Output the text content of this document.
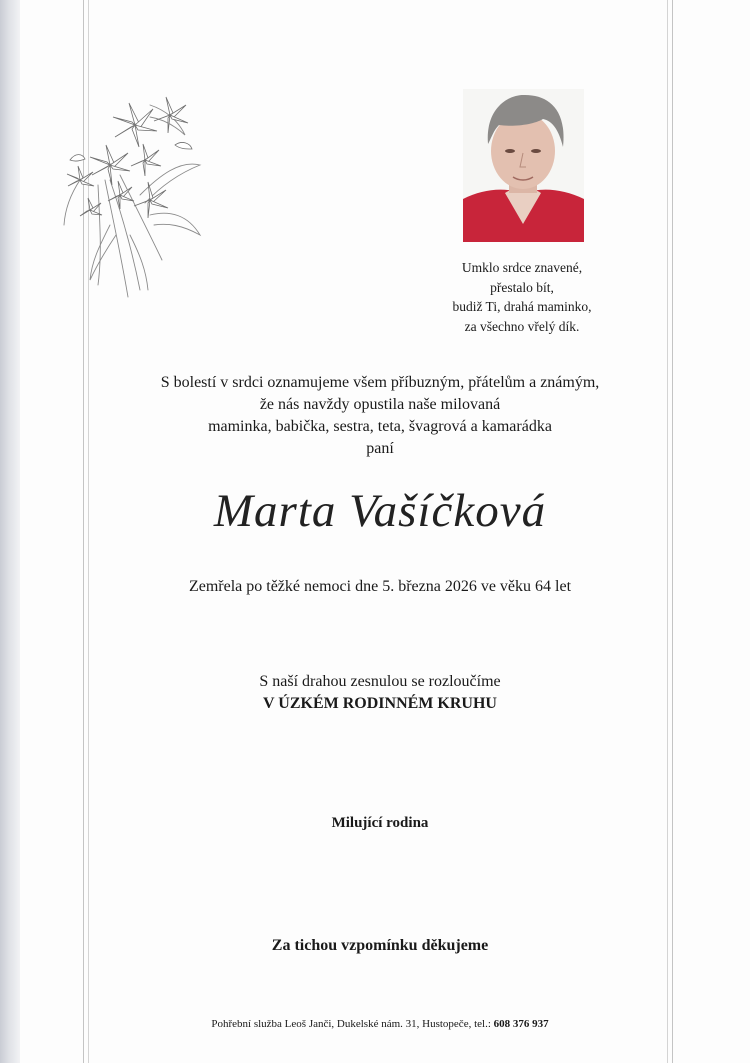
Umklo srdce znavené,
přestalo bít,
budiž Ti, drahá maminko,
za všechno vřelý dík.
S bolestí v srdci oznamujeme všem příbuzným, přátelům a známým,
že nás navždy opustila naše milovaná
maminka, babička, sestra, teta, švagrová a kamarádka
paní
Marta Vašíčková
Zemřela po těžké nemoci dne 5. března 2026 ve věku 64 let
S naší drahou zesnulou se rozloučíme
V ÚZKÉM RODINNÉM KRUHU
Milující rodina
Za tichou vzpomínku děkujeme
Pohřební služba Leoš Janči, Dukelské nám. 31, Hustopeče, tel.: 608 376 937
